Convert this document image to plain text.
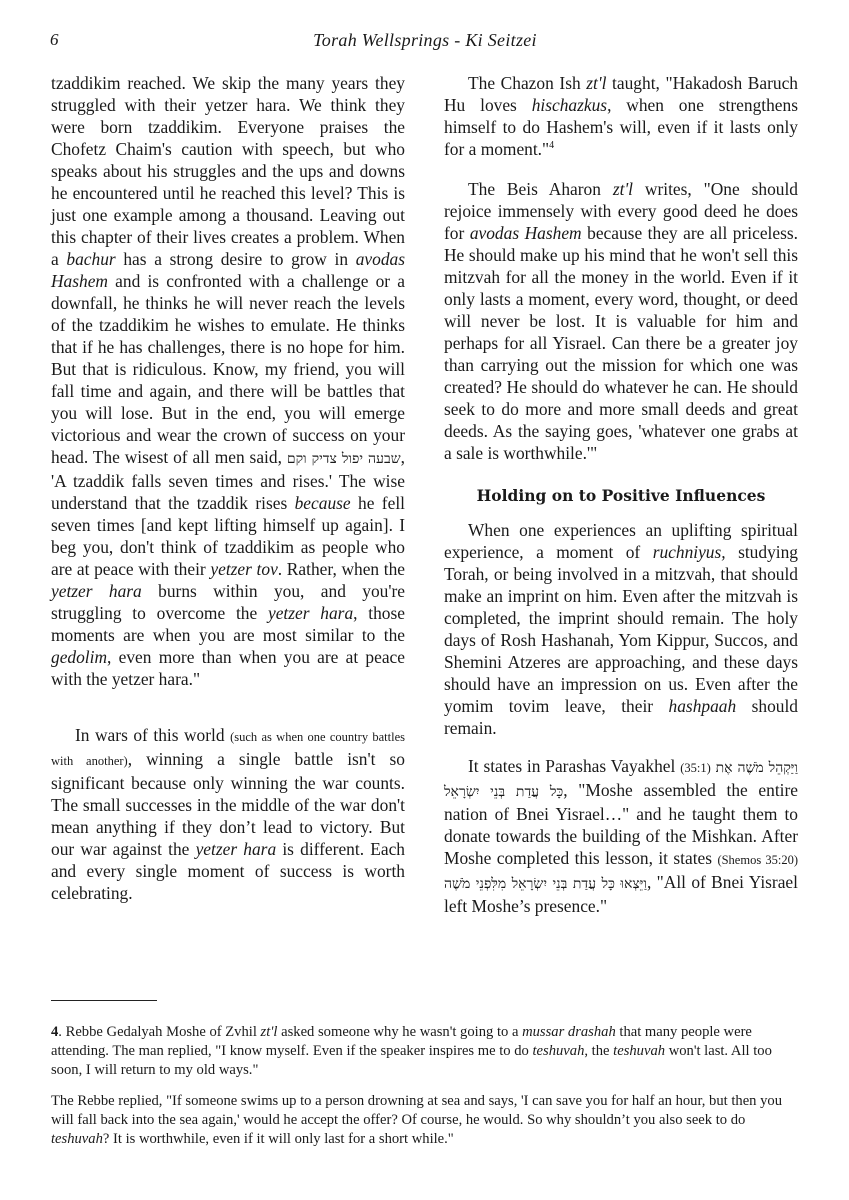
6	Torah Wellsprings - Ki Seitzei

tzaddikim reached. We skip the many years they struggled with their yetzer hara. We think they were born tzaddikim. Everyone praises the Chofetz Chaim's caution with speech, but who speaks about his struggles and the ups and downs he encountered until he reached this level? This is just one example among a thousand. Leaving out this chapter of their lives creates a problem. When a bachur has a strong desire to grow in avodas Hashem and is confronted with a challenge or a downfall, he thinks he will never reach the levels of the tzaddikim he wishes to emulate. He thinks that if he has challenges, there is no hope for him. But that is ridiculous. Know, my friend, you will fall time and again, and there will be battles that you will lose. But in the end, you will emerge victorious and wear the crown of success on your head. The wisest of all men said, שבעה יפול צדיק וקם, 'A tzaddik falls seven times and rises.' The wise understand that the tzaddik rises because he fell seven times [and kept lifting himself up again]. I beg you, don't think of tzaddikim as people who are at peace with their yetzer tov. Rather, when the yetzer hara burns within you, and you're struggling to overcome the yetzer hara, those moments are when you are most similar to the gedolim, even more than when you are at peace with the yetzer hara."

In wars of this world (such as when one country battles with another), winning a single battle isn't so significant because only winning the war counts. The small successes in the middle of the war don't mean anything if they don’t lead to victory. But our war against the yetzer hara is different. Each and every single moment of success is worth celebrating.

The Chazon Ish zt'l taught, "Hakadosh Baruch Hu loves hischazkus, when one strengthens himself to do Hashem's will, even if it lasts only for a moment."$^4$

The Beis Aharon zt'l writes, "One should rejoice immensely with every good deed he does for avodas Hashem because they are all priceless. He should make up his mind that he won't sell this mitzvah for all the money in the world. Even if it only lasts a moment, every word, thought, or deed will never be lost. It is valuable for him and perhaps for all Yisrael. Can there be a greater joy than carrying out the mission for which one was created? He should do whatever he can. He should seek to do more and more small deeds and great deeds. As the saying goes, 'whatever one grabs at a sale is worthwhile.'"

Holding on to Positive Influences

When one experiences an uplifting spiritual experience, a moment of ruchniyus, studying Torah, or being involved in a mitzvah, that should make an imprint on him. Even after the mitzvah is completed, the imprint should remain. The holy days of Rosh Hashanah, Yom Kippur, Succos, and Shemini Atzeres are approaching, and these days should have an impression on us. Even after the yomim tovim leave, their hashpaah should remain.

It states in Parashas Vayakhel (35:1) וַיַּקְהֵל מֹשֶׁה אֶת כָּל עֲדַת בְּנֵי יִשְׂרָאֵל, "Moshe assembled the entire nation of Bnei Yisrael…" and he taught them to donate towards the building of the Mishkan. After Moshe completed this lesson, it states (Shemos 35:20) וַיֵּצְאוּ כָּל עֲדַת בְּנֵי יִשְׂרָאֵל מִלִּפְנֵי מֹשֶׁה, "All of Bnei Yisrael left Moshe’s presence."

4. Rebbe Gedalyah Moshe of Zvhil zt'l asked someone why he wasn't going to a mussar drashah that many people were attending. The man replied, "I know myself. Even if the speaker inspires me to do teshuvah, the teshuvah won't last. All too soon, I will return to my old ways."

The Rebbe replied, "If someone swims up to a person drowning at sea and says, 'I can save you for half an hour, but then you will fall back into the sea again,' would he accept the offer? Of course, he would. So why shouldn’t you also seek to do teshuvah? It is worthwhile, even if it will only last for a short while."
